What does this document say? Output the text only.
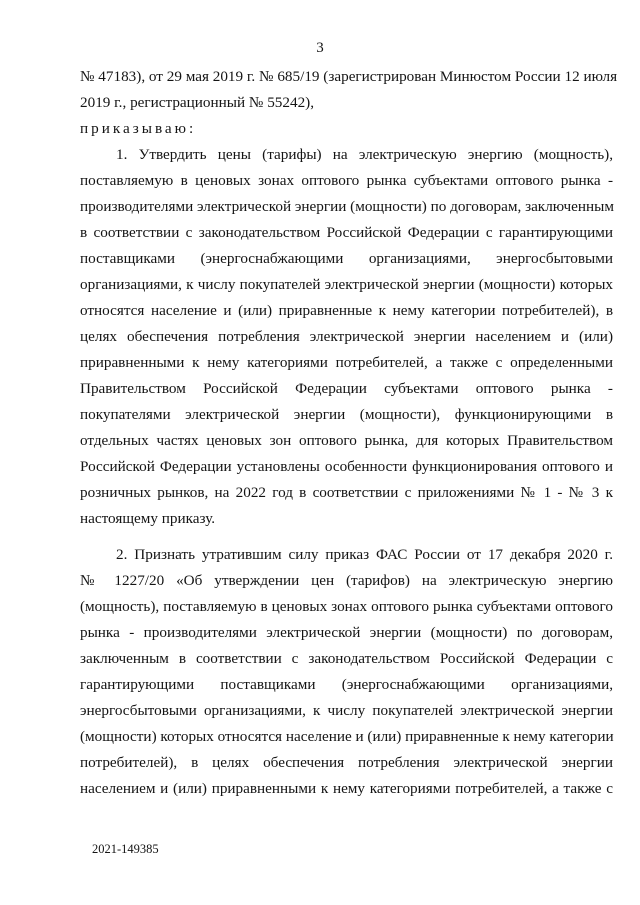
3
№ 47183), от 29 мая 2019 г. № 685/19 (зарегистрирован Минюстом России 12 июля
2019 г., регистрационный № 55242),
приказываю:
1. Утвердить цены (тарифы) на электрическую энергию (мощность),
поставляемую в ценовых зонах оптового рынка субъектами оптового рынка -
производителями электрической энергии (мощности) по договорам, заключенным
в соответствии с законодательством Российской Федерации с гарантирующими
поставщиками (энергоснабжающими организациями, энергосбытовыми
организациями, к числу покупателей электрической энергии (мощности) которых
относятся население и (или) приравненные к нему категории потребителей), в
целях обеспечения потребления электрической энергии населением и (или)
приравненными к нему категориями потребителей, а также с определенными
Правительством Российской Федерации субъектами оптового рынка -
покупателями электрической энергии (мощности), функционирующими в
отдельных частях ценовых зон оптового рынка, для которых Правительством
Российской Федерации установлены особенности функционирования оптового и
розничных рынков, на 2022 год в соответствии с приложениями № 1 - № 3 к
настоящему приказу.
2. Признать утратившим силу приказ ФАС России от 17 декабря 2020 г.
№ 1227/20 «Об утверждении цен (тарифов) на электрическую энергию
(мощность), поставляемую в ценовых зонах оптового рынка субъектами оптового
рынка - производителями электрической энергии (мощности) по договорам,
заключенным в соответствии с законодательством Российской Федерации с
гарантирующими поставщиками (энергоснабжающими организациями,
энергосбытовыми организациями, к числу покупателей электрической энергии
(мощности) которых относятся население и (или) приравненные к нему категории
потребителей), в целях обеспечения потребления электрической энергии
населением и (или) приравненными к нему категориями потребителей, а также с
2021-149385
